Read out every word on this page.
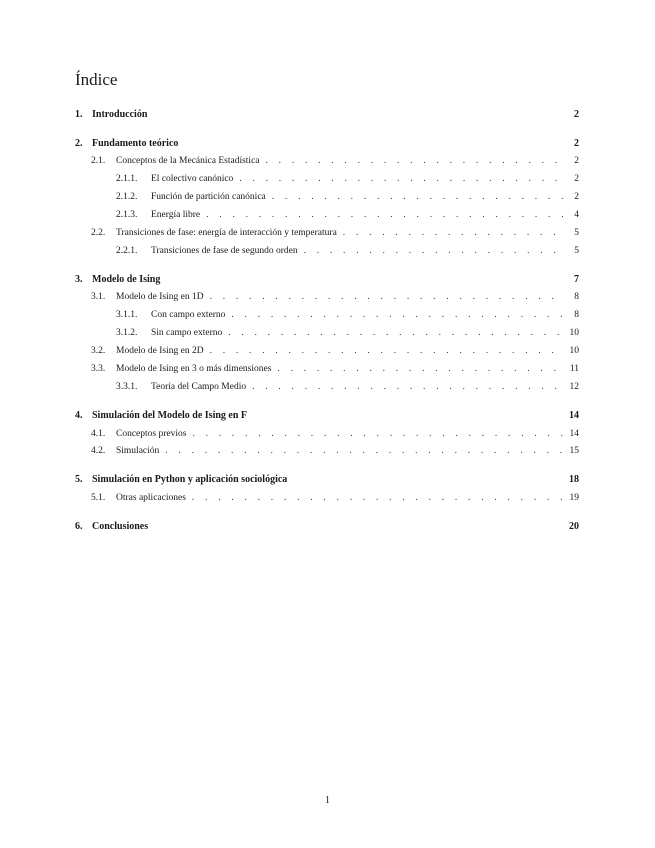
Índice
1. Introducción	2
2. Fundamento teórico	2
2.1.	Conceptos de la Mecánica Estadística . . .	2
2.1.1.	El colectivo canónico . . .	2
2.1.2.	Función de partición canónica . . .	2
2.1.3.	Energía libre . . .	4
2.2.	Transiciones de fase: energía de interacción y temperatura . . .	5
2.2.1.	Transiciones de fase de segundo orden . . .	5
3. Modelo de Ising	7
3.1.	Modelo de Ising en 1D . . .	8
3.1.1.	Con campo externo . . .	8
3.1.2.	Sin campo externo . . .	10
3.2.	Modelo de Ising en 2D . . .	10
3.3.	Modelo de Ising en 3 o más dimensiones . . .	11
3.3.1.	Teoría del Campo Medio . . .	12
4. Simulación del Modelo de Ising en F	14
4.1.	Conceptos previos . . .	14
4.2.	Simulación . . .	15
5. Simulación en Python y aplicación sociológica	18
5.1.	Otras aplicaciones . . .	19
6. Conclusiones	20
1
